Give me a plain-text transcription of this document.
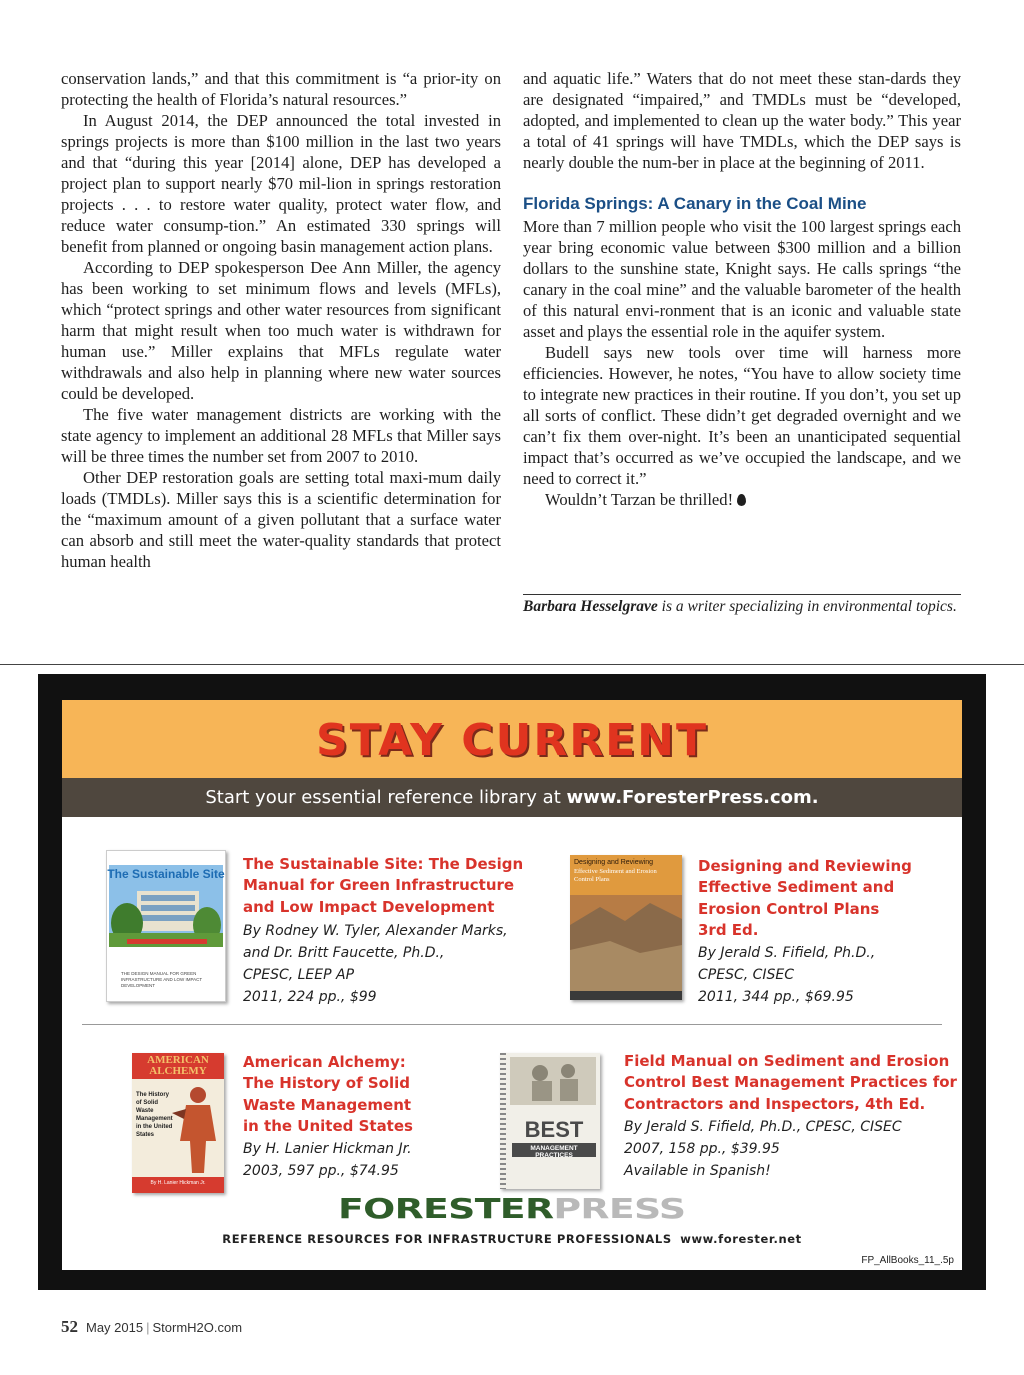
conservation lands,” and that this commitment is “a prior-ity on protecting the health of Florida’s natural resources.”

In August 2014, the DEP announced the total invested in springs projects is more than $100 million in the last two years and that “during this year [2014] alone, DEP has developed a project plan to support nearly $70 mil-lion in springs restoration projects . . . to restore water quality, protect water flow, and reduce water consump-tion.” An estimated 330 springs will benefit from planned or ongoing basin management action plans.

According to DEP spokesperson Dee Ann Miller, the agency has been working to set minimum flows and levels (MFLs), which “protect springs and other water resources from significant harm that might result when too much water is withdrawn for human use.” Miller explains that MFLs regulate water withdrawals and also help in planning where new water sources could be developed.

The five water management districts are working with the state agency to implement an additional 28 MFLs that Miller says will be three times the number set from 2007 to 2010.

Other DEP restoration goals are setting total maxi-mum daily loads (TMDLs). Miller says this is a scientific determination for the “maximum amount of a given pollutant that a surface water can absorb and still meet the water-quality standards that protect human health

and aquatic life.” Waters that do not meet these stan-dards they are designated “impaired,” and TMDLs must be “developed, adopted, and implemented to clean up the water body.” This year a total of 41 springs will have TMDLs, which the DEP says is nearly double the num-ber in place at the beginning of 2011.

Florida Springs: A Canary in the Coal Mine

More than 7 million people who visit the 100 largest springs each year bring economic value between $300 million and a billion dollars to the sunshine state, Knight says. He calls springs “the canary in the coal mine” and the valuable barometer of the health of this natural envi-ronment that is an iconic and valuable state asset and plays the essential role in the aquifer system.

Budell says new tools over time will harness more efficiencies. However, he notes, “You have to allow society time to integrate new practices in their routine. If you don’t, you set up all sorts of conflict. These didn’t get degraded overnight and we can’t fix them over-night. It’s been an unanticipated sequential impact that’s occurred as we’ve occupied the landscape, and we need to correct it.”

Wouldn’t Tarzan be thrilled!

Barbara Hesselgrave is a writer specializing in environmental topics.
STAY CURRENT
Start your essential reference library at www.ForesterPress.com.
The Sustainable Site
THE DESIGN MANUAL FOR GREEN INFRASTRUCTURE AND LOW IMPACT DEVELOPMENT
The Sustainable Site: The Design
Manual for Green Infrastructure
and Low Impact Development
By Rodney W. Tyler, Alexander Marks,
and Dr. Britt Faucette, Ph.D.,
CPESC, LEEP AP
2011, 224 pp., $99
Designing and Reviewing
Effective Sediment and Erosion Control Plans
Designing and Reviewing
Effective Sediment and
Erosion Control Plans
3rd Ed.
By Jerald S. Fifield, Ph.D.,
CPESC, CISEC
2011, 344 pp., $69.95
AMERICAN ALCHEMY
The History of Solid Waste Management in the United States
By H. Lanier Hickman Jr.
American Alchemy:
The History of Solid
Waste Management
in the United States
By H. Lanier Hickman Jr.
2003, 597 pp., $74.95
BEST
MANAGEMENT PRACTICES
Field Manual on Sediment and Erosion
Control Best Management Practices for
Contractors and Inspectors, 4th Ed.
By Jerald S. Fifield, Ph.D., CPESC, CISEC
2007, 158 pp., $39.95
Available in Spanish!
FORESTERPRESS
REFERENCE RESOURCES FOR INFRASTRUCTURE PROFESSIONALS www.forester.net
FP_AllBooks_11_.5p
52 May 2015 | StormH2O.com
